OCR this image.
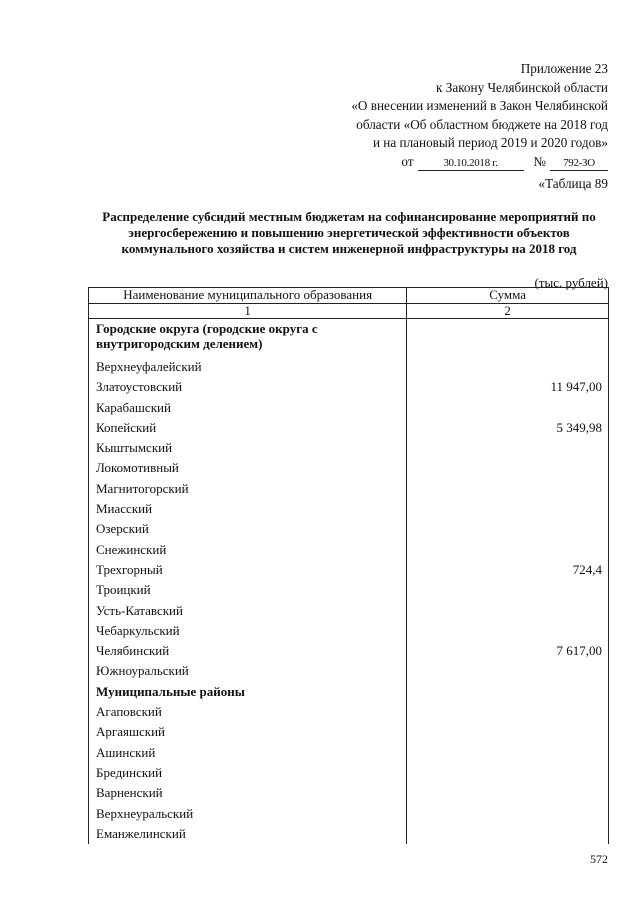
Приложение 23
к Закону Челябинской области
«О внесении изменений в Закон Челябинской
области «Об областном бюджете на 2018 год
и на плановый период 2019 и 2020 годов»
от	30.10.2018 г.	№ 792-ЗО
«Таблица 89
Распределение субсидий местным бюджетам на софинансирование мероприятий по энергосбережению и повышению энергетической эффективности объектов коммунального хозяйства и систем инженерной инфраструктуры на 2018 год
(тыс. рублей)
Наименование муниципального образования	Сумма
1	2
Городские округа (городские округа с внутригородским делением)	
Верхнеуфалейский	
Златоустовский	11 947,00
Карабашский	
Копейский	5 349,98
Кыштымский	
Локомотивный	
Магнитогорский	
Миасский	
Озерский	
Снежинский	
Трехгорный	724,4
Троицкий	
Усть-Катавский	
Чебаркульский	
Челябинский	7 617,00
Южноуральский	
Муниципальные районы	
Агаповский	
Аргаяшский	
Ашинский	
Брединский	
Варненский	
Верхнеуральский	
Еманжелинский	
572
